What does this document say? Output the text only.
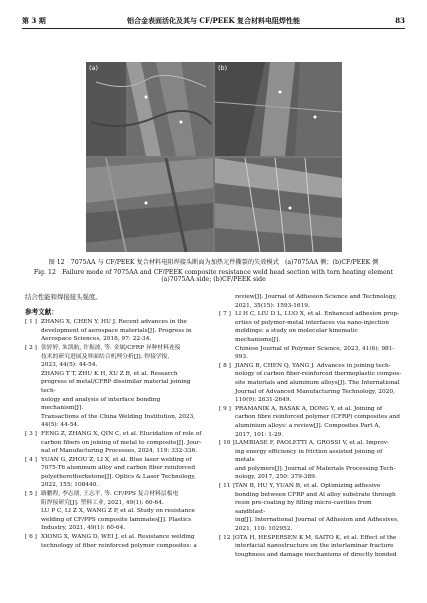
第 3 期	铝合金表面活化及其与 CF/PEEK 复合材料电阻焊性能	83
(a)	(b)
图 12　7075AA 与 CF/PEEK 复合材料电阻焊接头断面为加热元件撕裂的失效模式　(a)7075AA 侧；(b)CF/PEEK 侧
Fig. 12　Failure mode of 7075AA and CF/PEEK composite resistance weld head section with torn heating element
(a)7075AA side; (b)CF/PEEK side

结合性能和焊接接头强度。

参考文献：
[ 1 ] ZHANG X, CHEN Y, HU J. Recent advances in the
development of aerospace materials[J]. Progress in
Aerospace Sciences, 2018, 97: 22-34.
[ 2 ] 张婷婷, 朱凯航, 许振波, 等. 金属/CFRP 异种材料连接
技术的研究进展及界面结合机理分析[J]. 焊接学报,
2023, 44(5): 44-54.
ZHANG T T, ZHU K H, XU Z B, et al. Research
progress of metal/CFRP dissimilar material joining tech-
nology and analysis of interface bonding mechanism[J].
Transactions of the China Welding Institution, 2023,
44(5): 44-54.
[ 3 ] FENG Z, ZHANG X, QIN C, et al. Elucidation of role of
carbon fibers on joining of metal to composite[J]. Jour-
nal of Manufacturing Processes, 2024, 119: 332-336.
[ 4 ] YUAN G, ZHOU Z, LI X, et al. Blue laser welding of
7075-T6 aluminum alloy and carbon fiber reinforced
polyetheretherketone[J]. Optics & Laser Technology,
2022, 155: 108440.
[ 5 ] 路鹏程, 李志朋, 王志平, 等. CF/PPS 复合材料层板电
阻焊接研究[J]. 塑料工业, 2021, 49(1): 60-64.
LU P C, LI Z X, WANG Z P, et al. Study on resistance
welding of CF/PPS composite laminates[J]. Plastics
Industry, 2021, 49(1): 60-64.
[ 6 ] XIONG X, WANG D, WEI J, et al. Resistance welding
technology of fiber reinforced polymer composites: a
review[J]. Journal of Adhesion Science and Technology,
2021, 35(15): 1593-1619.
[ 7 ] LI H C, LIU D L, LUO X, et al. Enhanced adhesion prop-
erties of polymer-metal interfaces via nano-injection
moldings: a study on molecular kinematic mechanisms[J].
Chinese Journal of Polymer Science, 2023, 41(6): 981-
993.
[ 8 ] JIANG B, CHEN Q, YANG J. Advances in joining tech-
nology of carbon fiber-reinforced thermoplastic compos-
site materials and aluminum alloys[J]. The International
Journal of Advanced Manufacturing Technology, 2020,
110(9): 2631-2649.
[ 9 ] PRAMANIK A, BASAK A, DONG Y, et al. Joining of
carbon fibre reinforced polymer (CFRP) composites and
aluminium alloys: a review[J]. Composites Part A,
2017, 101: 1-29.
[ 10 ] LAMBIASE F, PAOLETTI A, GROSSI V, et al. Improv-
ing energy efficiency in friction assisted joining of metals
and polymers[J]. Journal of Materials Processing Tech-
nology, 2017, 250: 379-389.
[ 11 ] TAN B, HU Y, YUAN B, et al. Optimizing adhesive
bonding between CFRP and Al alloy substrate through
resin pre-coating by filling micro-cavities from sandblast-
ing[J]. International Journal of Adhesion and Adhesives,
2021, 110: 102952.
[ 12 ] OTA H, HESPERSEN K M, SAITO K, et al. Effect of the
interfacial nanostructure on the interlaminar fracture
toughness and damage mechanisms of directly bonded
